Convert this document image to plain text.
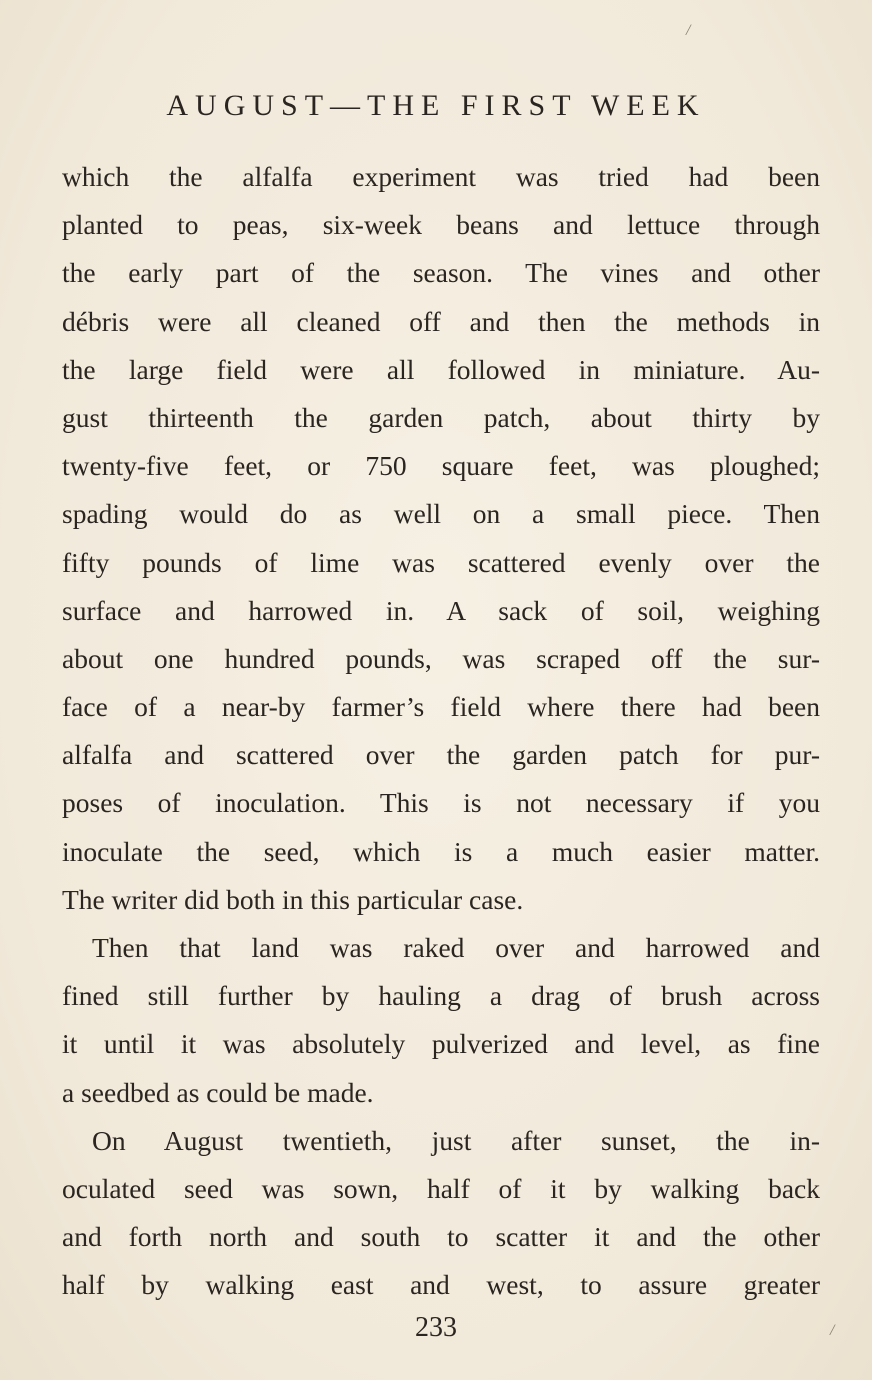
/
AUGUST—THE FIRST WEEK
which the alfalfa experiment was tried had been
planted to peas, six-week beans and lettuce through
the early part of the season. The vines and other
débris were all cleaned off and then the methods in
the large field were all followed in miniature. Au-
gust thirteenth the garden patch, about thirty by
twenty-five feet, or 750 square feet, was ploughed;
spading would do as well on a small piece. Then
fifty pounds of lime was scattered evenly over the
surface and harrowed in. A sack of soil, weighing
about one hundred pounds, was scraped off the sur-
face of a near-by farmer’s field where there had been
alfalfa and scattered over the garden patch for pur-
poses of inoculation. This is not necessary if you
inoculate the seed, which is a much easier matter.
The writer did both in this particular case.
Then that land was raked over and harrowed and
fined still further by hauling a drag of brush across
it until it was absolutely pulverized and level, as fine
a seedbed as could be made.
On August twentieth, just after sunset, the in-
oculated seed was sown, half of it by walking back
and forth north and south to scatter it and the other
half by walking east and west, to assure greater
233	/
